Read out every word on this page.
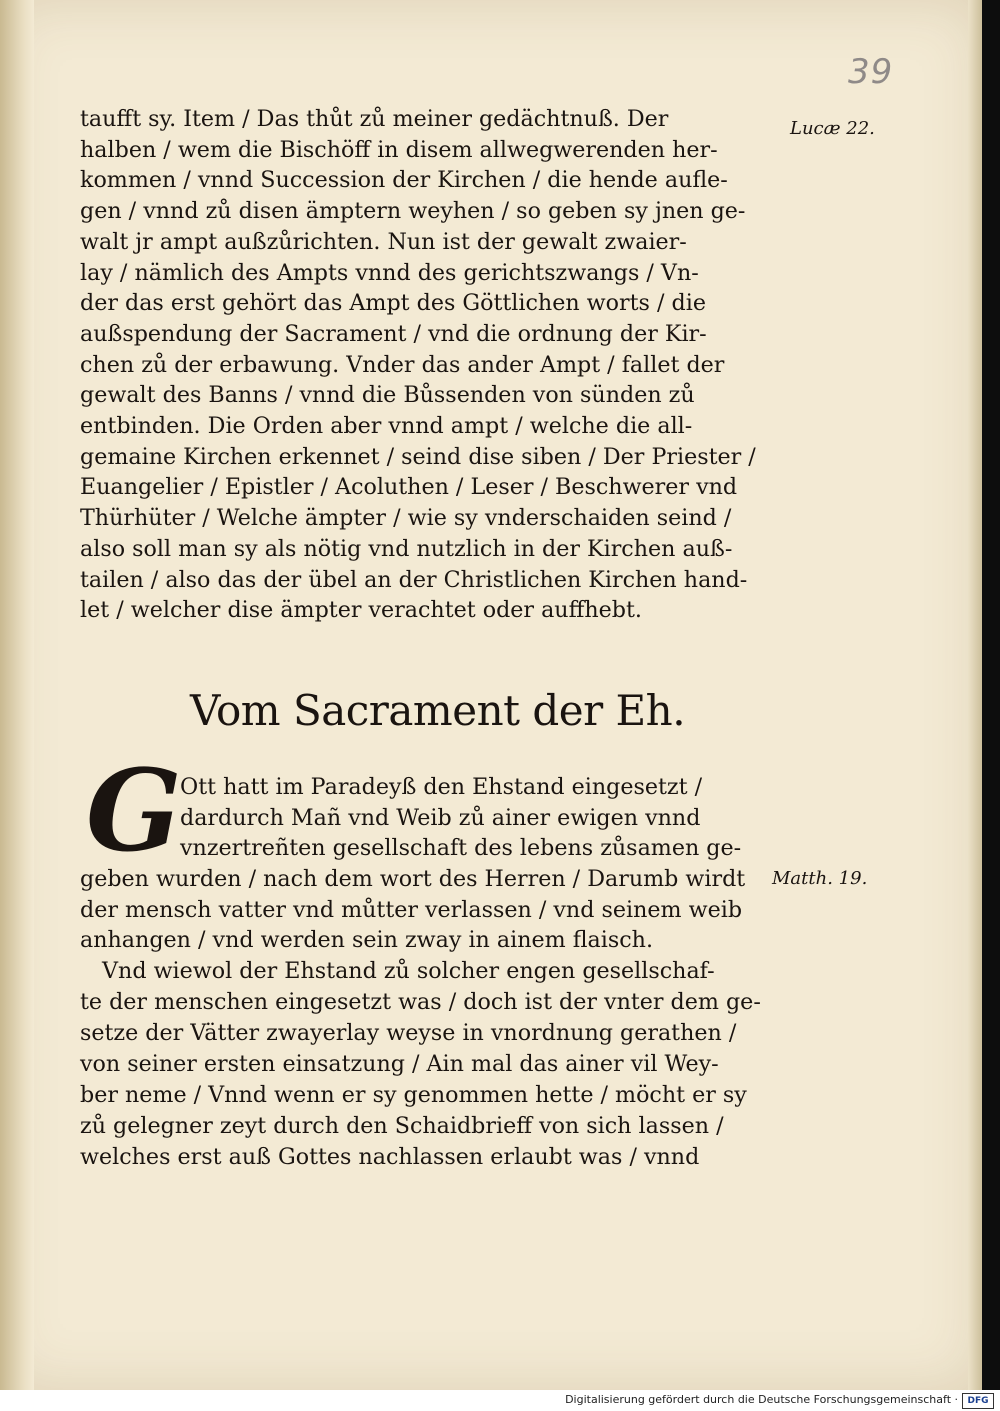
39
taufft sy. Item / Das thůt zů meiner gedächtnuß. Der
halben / wem die Bischöff in disem allwegwerenden her-
kommen / vnnd Succession der Kirchen / die hende aufle-
gen / vnnd zů disen ämptern weyhen / so geben sy jnen ge-
walt jr ampt außzůrichten. Nun ist der gewalt zwaier-
lay / nämlich des Ampts vnnd des gerichtszwangs / Vn-
der das erst gehört das Ampt des Göttlichen worts / die
außspendung der Sacrament / vnd die ordnung der Kir-
chen zů der erbawung. Vnder das ander Ampt / fallet der
gewalt des Banns / vnnd die Bůssenden von sünden zů
entbinden. Die Orden aber vnnd ampt / welche die all-
gemaine Kirchen erkennet / seind dise siben / Der Priester /
Euangelier / Epistler / Acoluthen / Leser / Beschwerer vnd
Thürhüter / Welche ämpter / wie sy vnderschaiden seind /
also soll man sy als nötig vnd nutzlich in der Kirchen auß-
tailen / also das der übel an der Christlichen Kirchen hand-
let / welcher dise ämpter verachtet oder auffhebt.
Lucæ 22.
Vom Sacrament der Eh.
G
Ott hatt im Paradeyß den Ehstand eingesetzt /
dardurch Mañ vnd Weib zů ainer ewigen vnnd
vnzertreñten gesellschaft des lebens zůsamen ge-
geben wurden / nach dem wort des Herren / Darumb wirdt
der mensch vatter vnd můtter verlassen / vnd seinem weib
anhangen / vnd werden sein zway in ainem flaisch.
Matth. 19.
Vnd wiewol der Ehstand zů solcher engen gesellschaf-
te der menschen eingesetzt was / doch ist der vnter dem ge-
setze der Vätter zwayerlay weyse in vnordnung gerathen /
von seiner ersten einsatzung / Ain mal das ainer vil Wey-
ber neme / Vnnd wenn er sy genommen hette / möcht er sy
zů gelegner zeyt durch den Schaidbrieff von sich lassen /
welches erst auß Gottes nachlassen erlaubt was / vnnd
Digitalisierung gefördert durch die Deutsche Forschungsgemeinschaft ·	DFG
